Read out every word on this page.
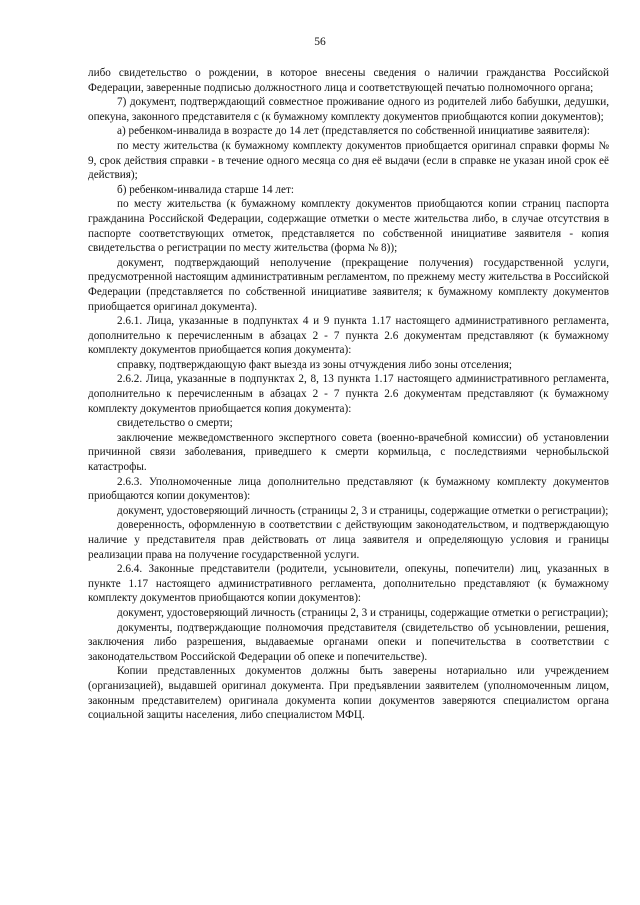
56

либо свидетельство о рождении, в которое внесены сведения о наличии гражданства Российской Федерации, заверенные подписью должностного лица и соответствующей печатью полномочного органа;

7) документ, подтверждающий совместное проживание одного из родителей либо бабушки, дедушки, опекуна, законного представителя с (к бумажному комплекту документов приобщаются копии документов);

а) ребенком-инвалида в возрасте до 14 лет (представляется по собственной инициативе заявителя):

по месту жительства (к бумажному комплекту документов приобщается оригинал справки формы № 9, срок действия справки - в течение одного месяца со дня её выдачи (если в справке не указан иной срок её действия);

б) ребенком-инвалида старше 14 лет:

по месту жительства (к бумажному комплекту документов приобщаются копии страниц паспорта гражданина Российской Федерации, содержащие отметки о месте жительства либо, в случае отсутствия в паспорте соответствующих отметок, представляется по собственной инициативе заявителя - копия свидетельства о регистрации по месту жительства (форма № 8));

документ, подтверждающий неполучение (прекращение получения) государственной услуги, предусмотренной настоящим административным регламентом, по прежнему месту жительства в Российской Федерации (представляется по собственной инициативе заявителя; к бумажному комплекту документов приобщается оригинал документа).

2.6.1. Лица, указанные в подпунктах 4 и 9 пункта 1.17 настоящего административного регламента, дополнительно к перечисленным в абзацах 2 - 7 пункта 2.6 документам представляют (к бумажному комплекту документов приобщается копия документа):

справку, подтверждающую факт выезда из зоны отчуждения либо зоны отселения;

2.6.2. Лица, указанные в подпунктах 2, 8, 13 пункта 1.17 настоящего административного регламента, дополнительно к перечисленным в абзацах 2 - 7 пункта 2.6 документам представляют (к бумажному комплекту документов приобщается копия документа):

свидетельство о смерти;

заключение межведомственного экспертного совета (военно-врачебной комиссии) об установлении причинной связи заболевания, приведшего к смерти кормильца, с последствиями чернобыльской катастрофы.

2.6.3. Уполномоченные лица дополнительно представляют (к бумажному комплекту документов приобщаются копии документов):

документ, удостоверяющий личность (страницы 2, 3 и страницы, содержащие отметки о регистрации);

доверенность, оформленную в соответствии с действующим законодательством, и подтверждающую наличие у представителя прав действовать от лица заявителя и определяющую условия и границы реализации права на получение государственной услуги.

2.6.4. Законные представители (родители, усыновители, опекуны, попечители) лиц, указанных в пункте 1.17 настоящего административного регламента, дополнительно представляют (к бумажному комплекту документов приобщаются копии документов):

документ, удостоверяющий личность (страницы 2, 3 и страницы, содержащие отметки о регистрации);

документы, подтверждающие полномочия представителя (свидетельство об усыновлении, решения, заключения либо разрешения, выдаваемые органами опеки и попечительства в соответствии с законодательством Российской Федерации об опеке и попечительстве).

Копии представленных документов должны быть заверены нотариально или учреждением (организацией), выдавшей оригинал документа. При предъявлении заявителем (уполномоченным лицом, законным представителем) оригинала документа копии документов заверяются специалистом органа социальной защиты населения, либо специалистом МФЦ.
